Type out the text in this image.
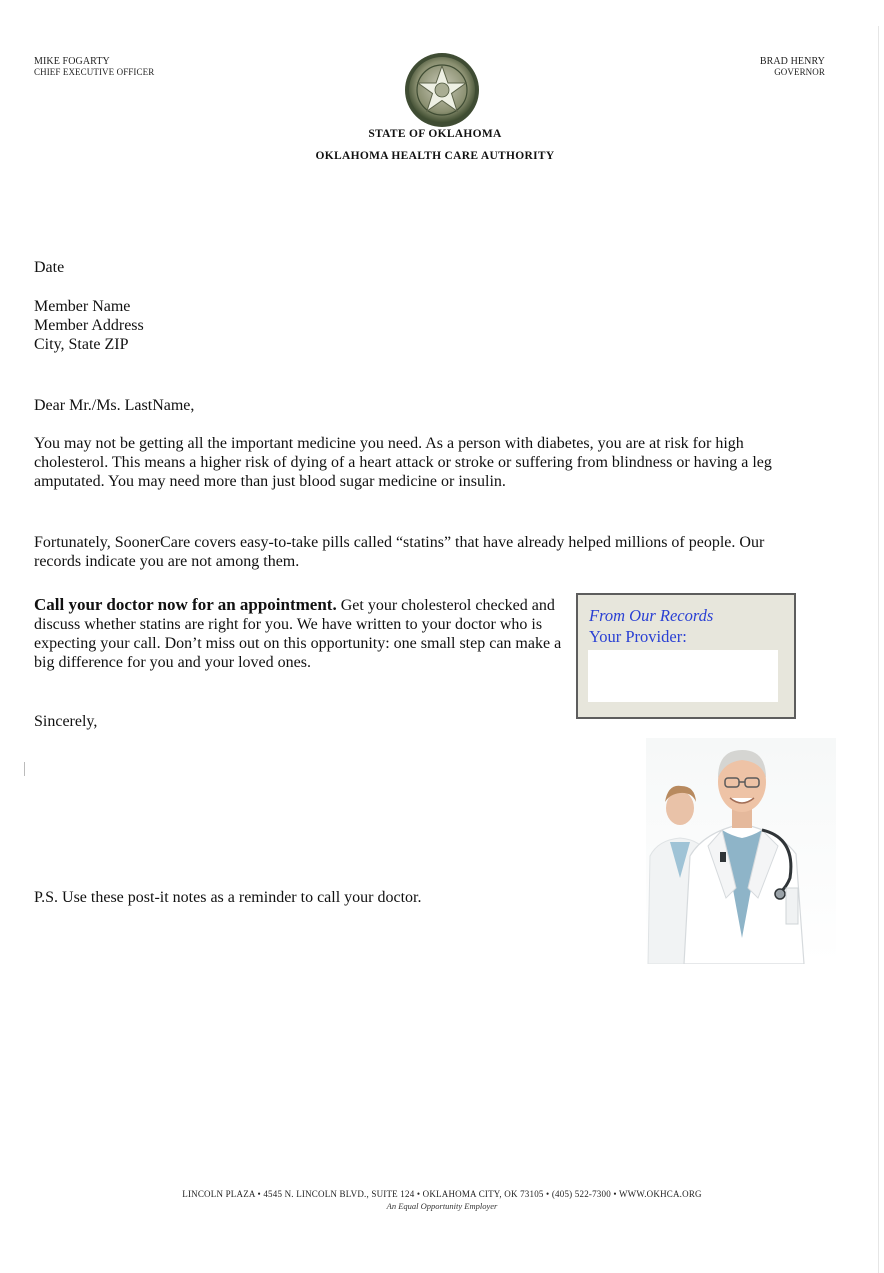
MIKE FOGARTY
CHIEF EXECUTIVE OFFICER
BRAD HENRY
GOVERNOR
STATE OF OKLAHOMA
OKLAHOMA HEALTH CARE AUTHORITY
Date
Member Name
Member Address
City, State ZIP
Dear Mr./Ms. LastName,
You may not be getting all the important medicine you need. As a person with diabetes, you are at risk for high cholesterol. This means a higher risk of dying of a heart attack or stroke or suffering from blindness or having a leg amputated. You may need more than just blood sugar medicine or insulin.
Fortunately, SoonerCare covers easy-to-take pills called “statins” that have already helped millions of people. Our records indicate you are not among them.
Call your doctor now for an appointment. Get your cholesterol checked and discuss whether statins are right for you. We have written to your doctor who is expecting your call. Don’t miss out on this opportunity: one small step can make a big difference for you and your loved ones.
Sincerely,
From Our Records
Your Provider:
P.S. Use these post-it notes as a reminder to call your doctor.
LINCOLN PLAZA • 4545 N. LINCOLN BLVD., SUITE 124 • OKLAHOMA CITY, OK 73105 • (405) 522-7300 • WWW.OKHCA.ORG
An Equal Opportunity Employer
